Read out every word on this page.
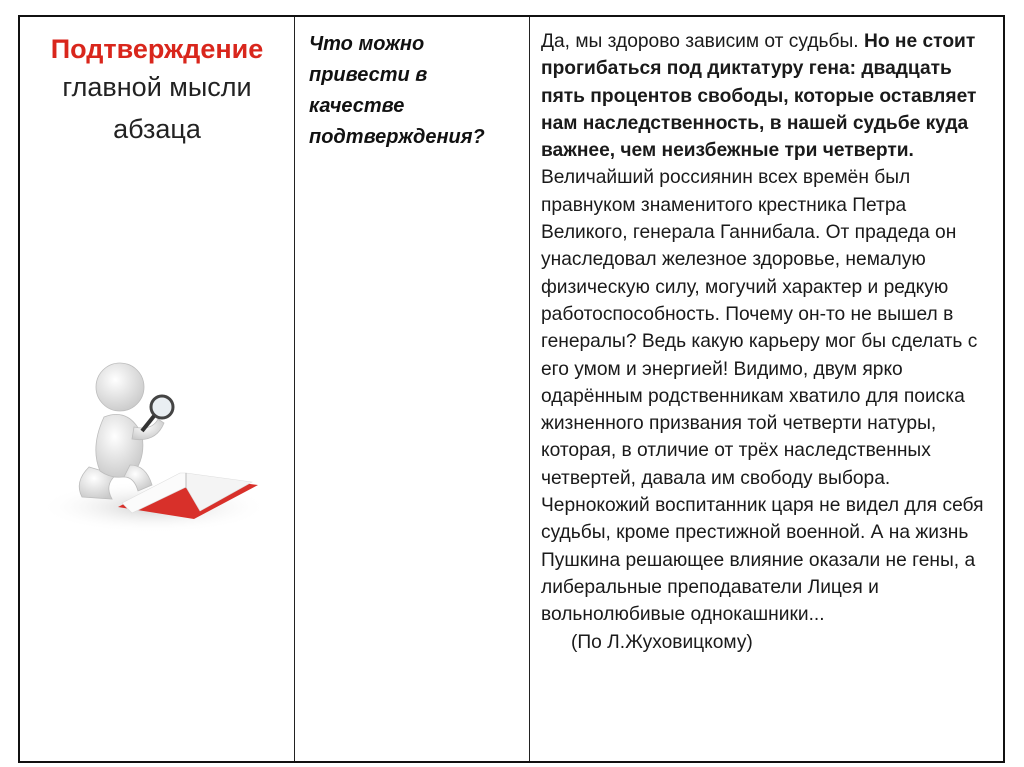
Подтверждение
главной мысли абзаца
Что можно привести в качестве подтверждения?
Да, мы здорово зависим от судьбы. Но не стоит прогибаться под диктатуру гена: двадцать пять процентов свободы, которые оставляет нам наследственность, в нашей судьбе куда важнее, чем неизбежные три четверти.
Величайший россиянин всех времён был правнуком знаменитого крестника Петра Великого, генерала Ганнибала. От прадеда он унаследовал железное здоровье, немалую физическую силу, могучий характер и редкую работоспособность. Почему он-то не вышел в генералы? Ведь какую карьеру мог бы сделать с его умом и энергией! Видимо, двум ярко одарённым родственникам хватило для поиска жизненного призвания той четверти натуры, которая, в отличие от трёх наследственных четвертей, давала им свободу выбора. Чернокожий воспитанник царя не видел для себя судьбы, кроме престижной военной. А на жизнь Пушкина решающее влияние оказали не гены, а либеральные преподаватели Лицея и вольнолюбивые однокашники...
(По Л.Жуховицкому)
